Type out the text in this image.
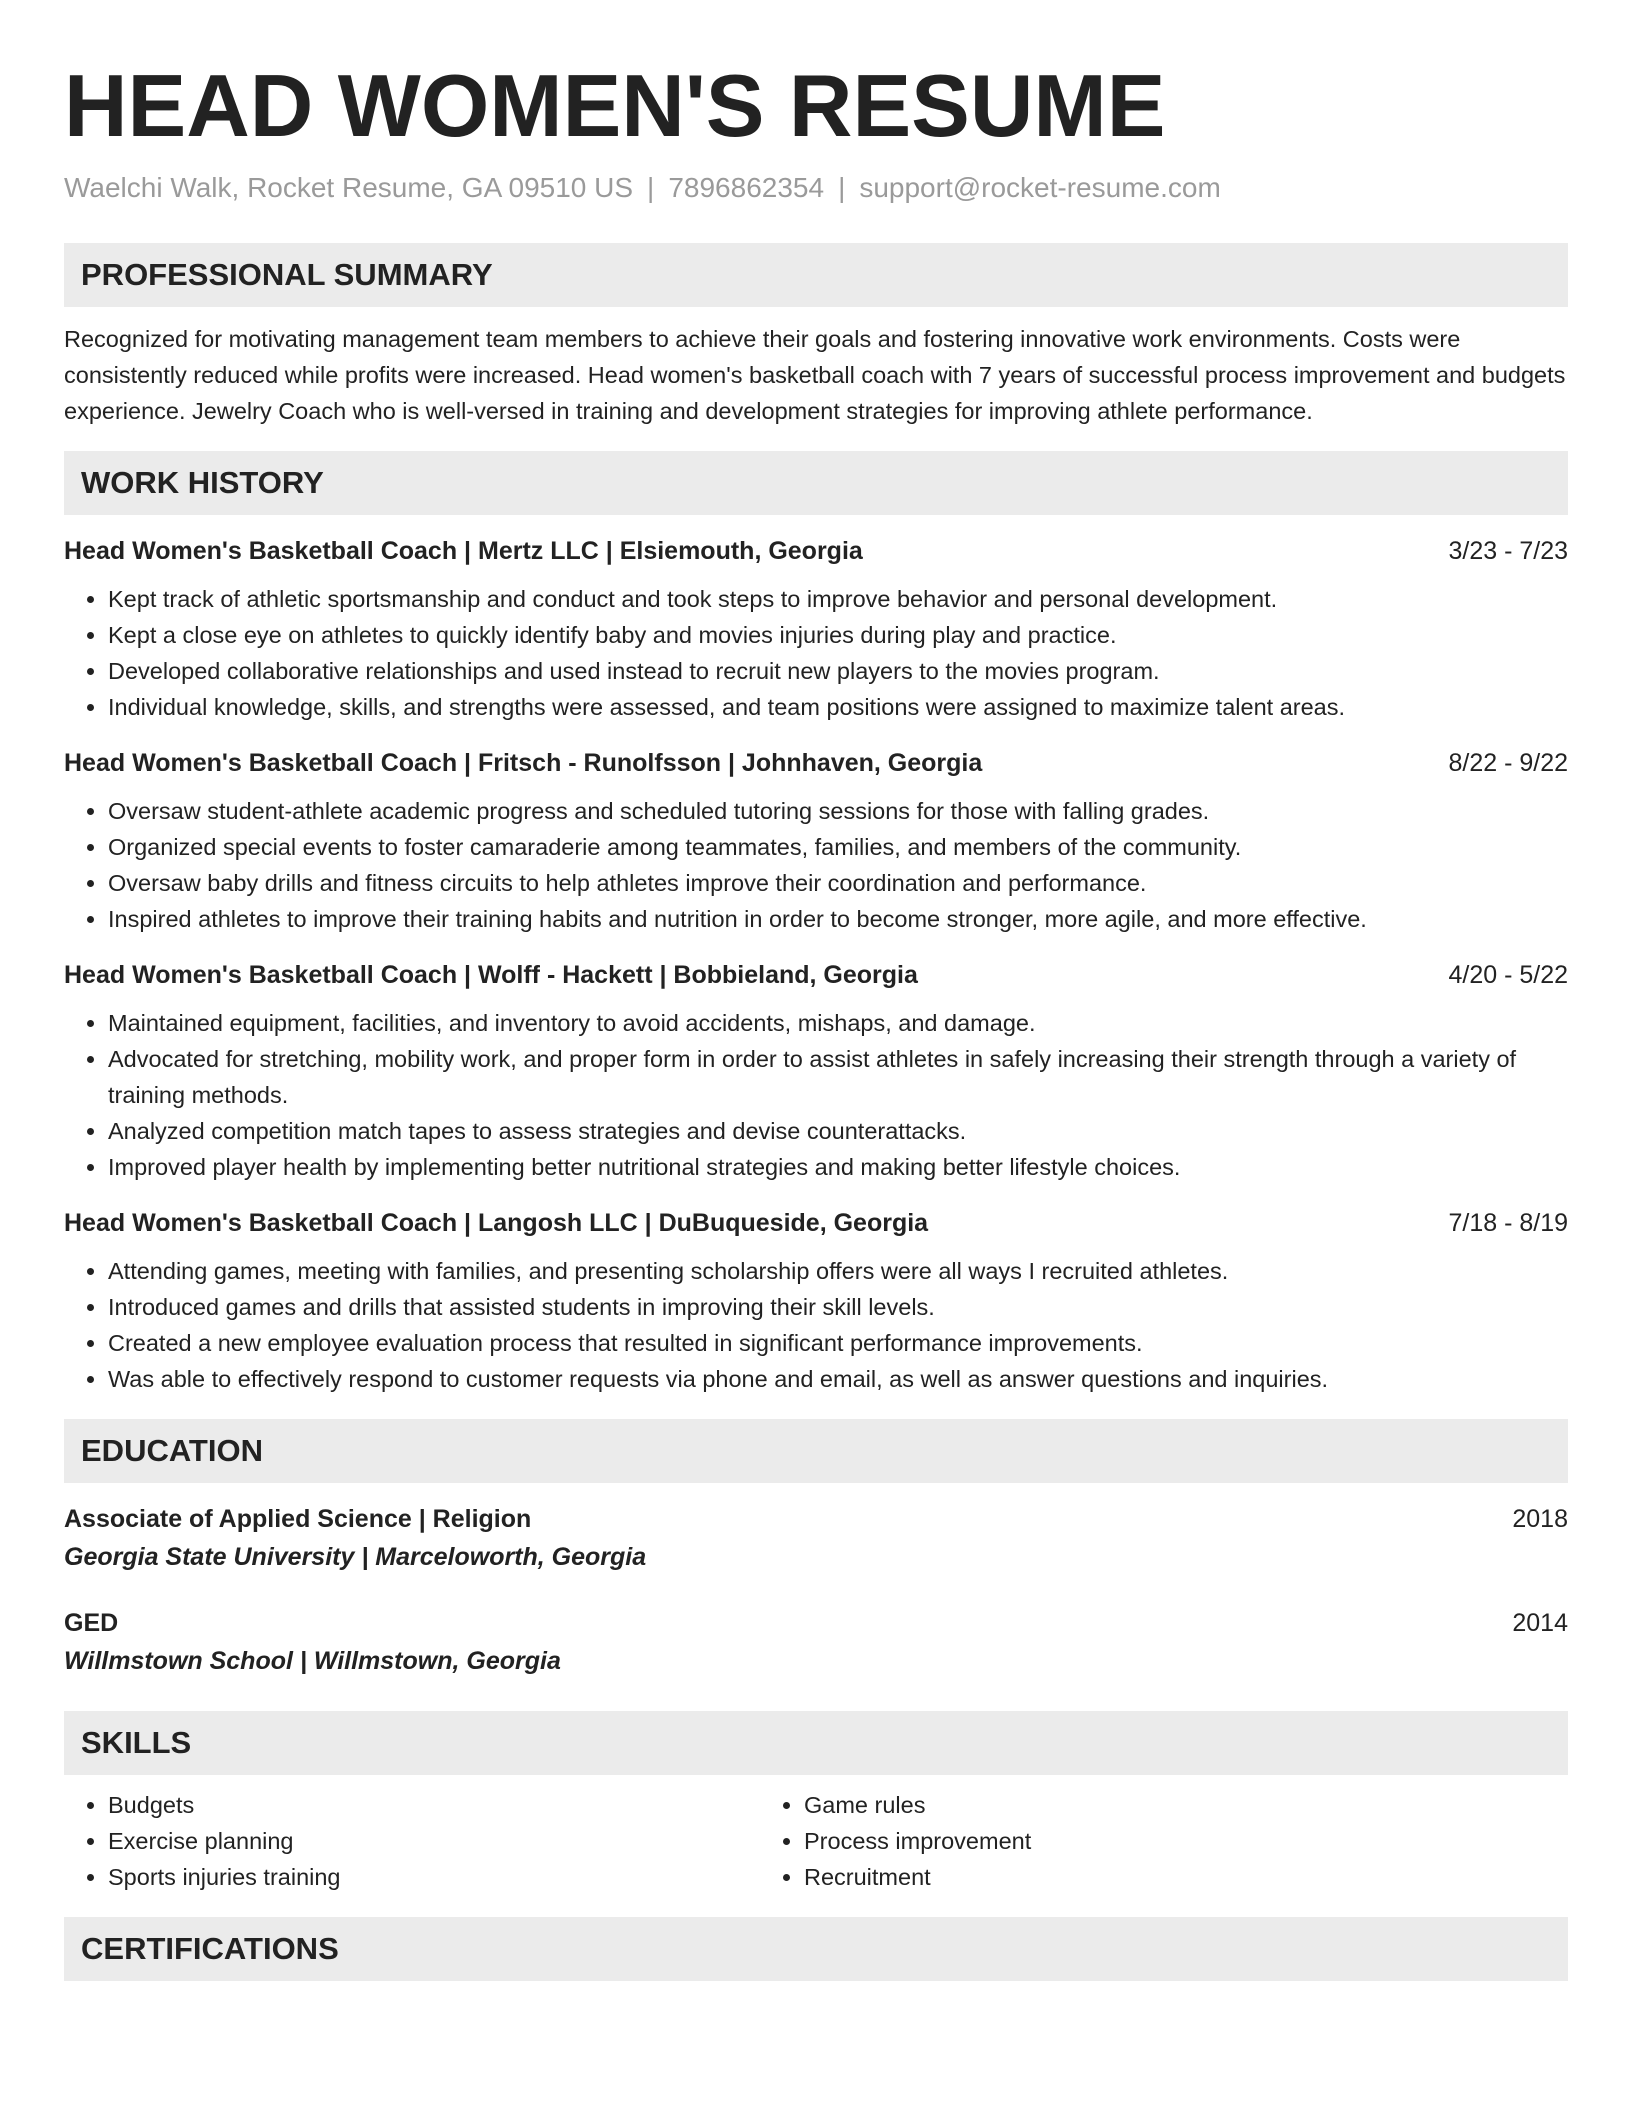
HEAD WOMEN'S RESUME
Waelchi Walk, Rocket Resume, GA 09510 US | 7896862354 | support@rocket-resume.com
PROFESSIONAL SUMMARY
Recognized for motivating management team members to achieve their goals and fostering innovative work environments. Costs were consistently reduced while profits were increased. Head women's basketball coach with 7 years of successful process improvement and budgets experience. Jewelry Coach who is well-versed in training and development strategies for improving athlete performance.
WORK HISTORY
Head Women's Basketball Coach | Mertz LLC | Elsiemouth, Georgia	3/23 - 7/23
• Kept track of athletic sportsmanship and conduct and took steps to improve behavior and personal development.
• Kept a close eye on athletes to quickly identify baby and movies injuries during play and practice.
• Developed collaborative relationships and used instead to recruit new players to the movies program.
• Individual knowledge, skills, and strengths were assessed, and team positions were assigned to maximize talent areas.
Head Women's Basketball Coach | Fritsch - Runolfsson | Johnhaven, Georgia	8/22 - 9/22
• Oversaw student-athlete academic progress and scheduled tutoring sessions for those with falling grades.
• Organized special events to foster camaraderie among teammates, families, and members of the community.
• Oversaw baby drills and fitness circuits to help athletes improve their coordination and performance.
• Inspired athletes to improve their training habits and nutrition in order to become stronger, more agile, and more effective.
Head Women's Basketball Coach | Wolff - Hackett | Bobbieland, Georgia	4/20 - 5/22
• Maintained equipment, facilities, and inventory to avoid accidents, mishaps, and damage.
• Advocated for stretching, mobility work, and proper form in order to assist athletes in safely increasing their strength through a variety of training methods.
• Analyzed competition match tapes to assess strategies and devise counterattacks.
• Improved player health by implementing better nutritional strategies and making better lifestyle choices.
Head Women's Basketball Coach | Langosh LLC | DuBuqueside, Georgia	7/18 - 8/19
• Attending games, meeting with families, and presenting scholarship offers were all ways I recruited athletes.
• Introduced games and drills that assisted students in improving their skill levels.
• Created a new employee evaluation process that resulted in significant performance improvements.
• Was able to effectively respond to customer requests via phone and email, as well as answer questions and inquiries.
EDUCATION
Associate of Applied Science | Religion	2018
Georgia State University | Marceloworth, Georgia
GED	2014
Willmstown School | Willmstown, Georgia
SKILLS
• Budgets
• Exercise planning
• Sports injuries training
• Game rules
• Process improvement
• Recruitment
CERTIFICATIONS
